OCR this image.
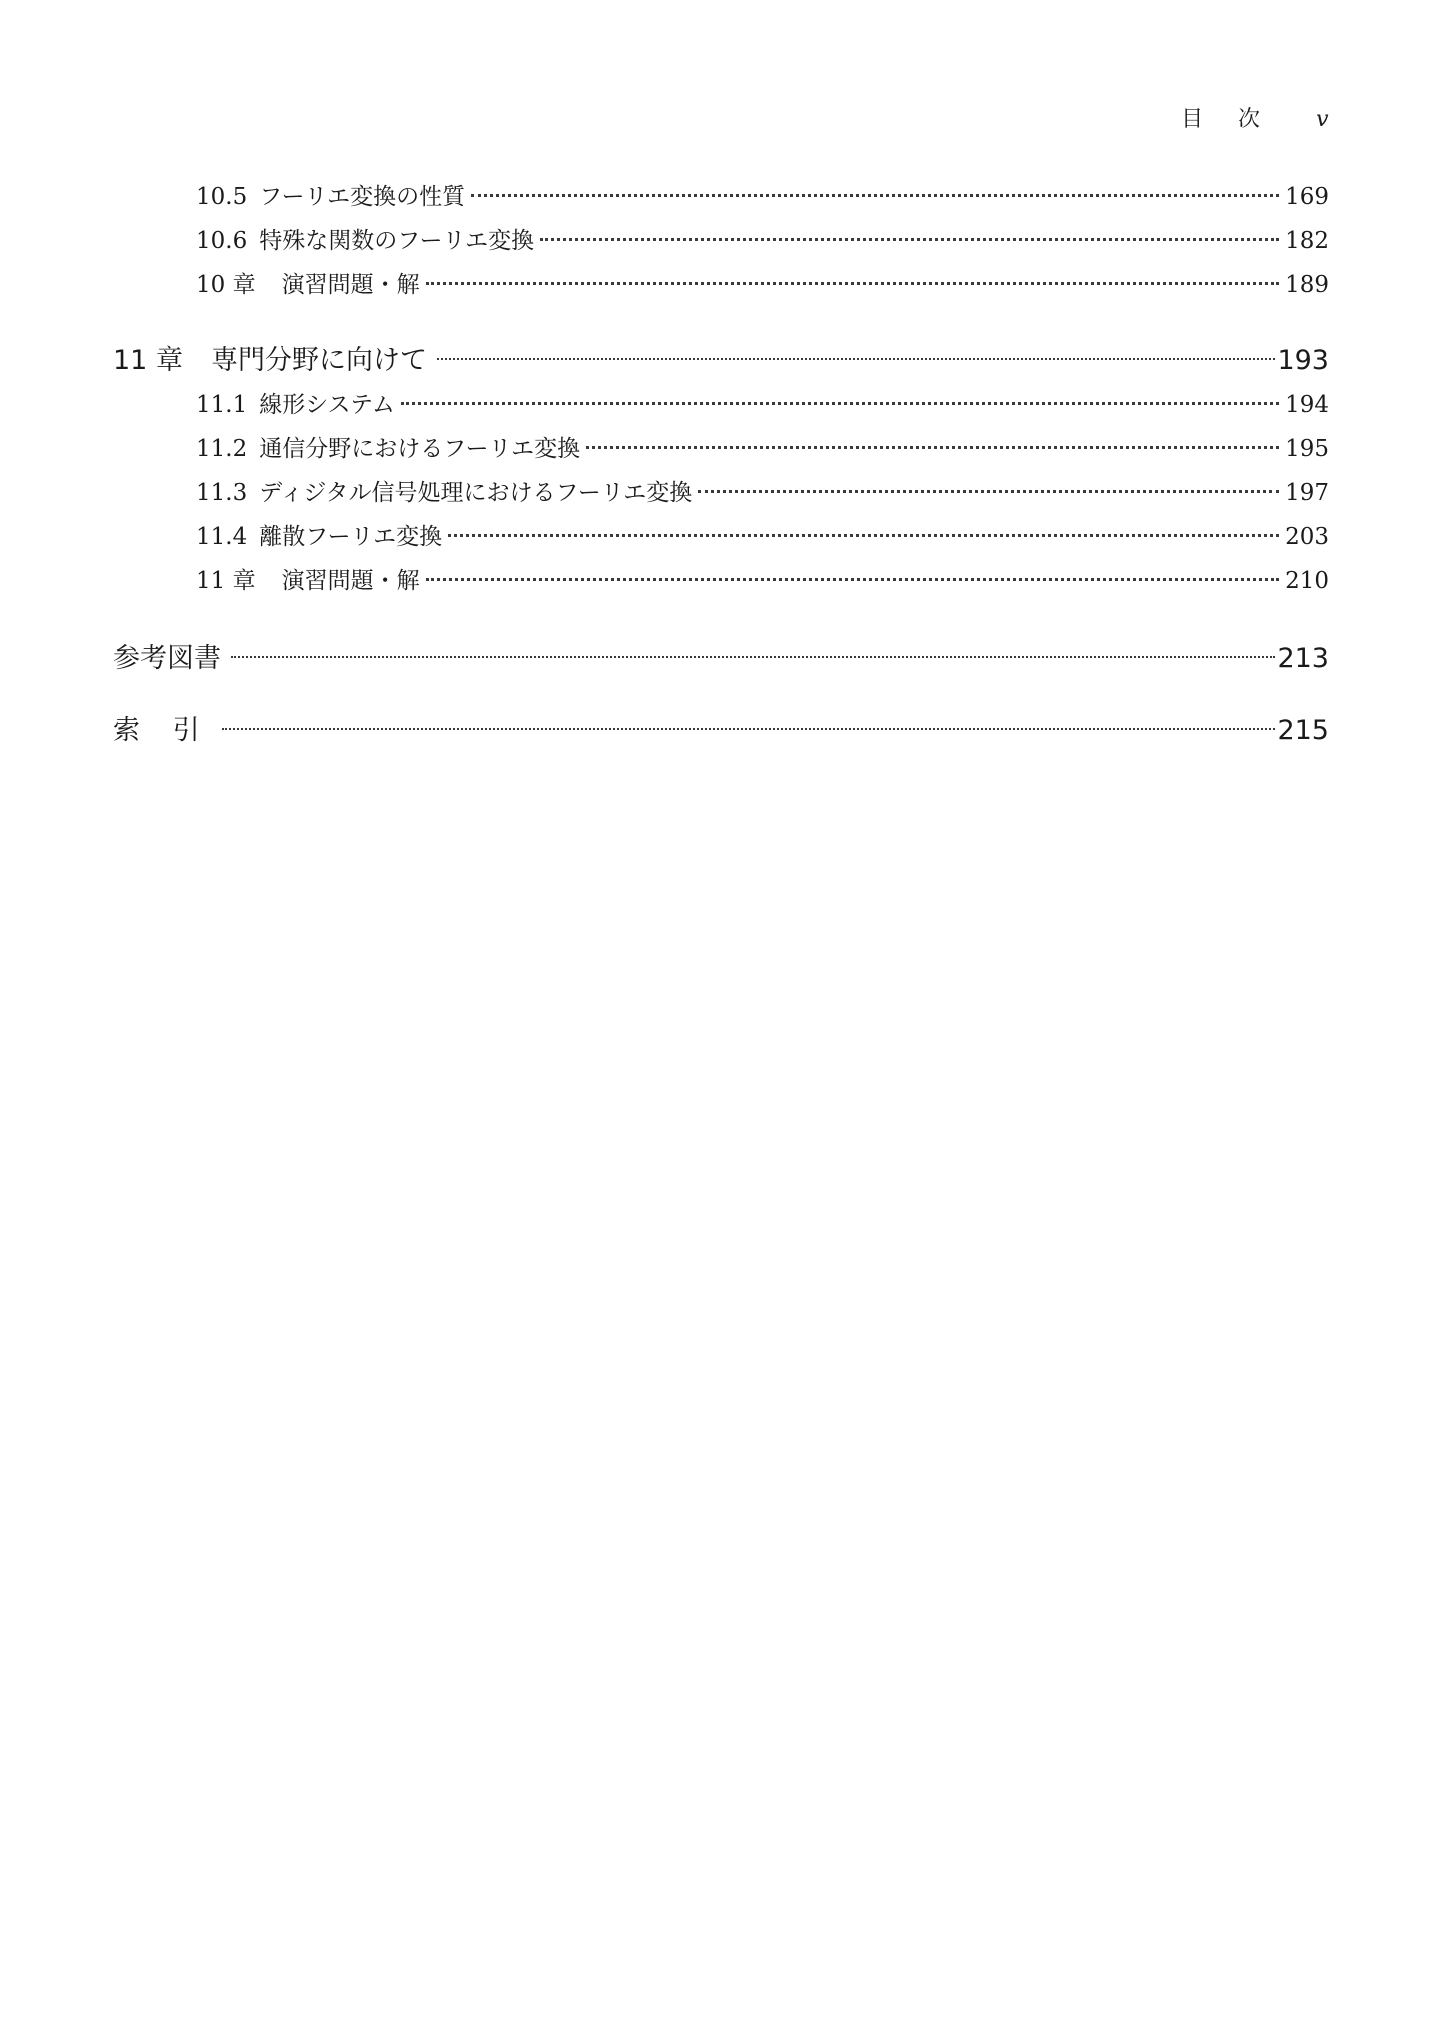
目 次 v
10.5 フーリエ変換の性質	169
10.6 特殊な関数のフーリエ変換	182
10 章 演習問題・解	189
11 章 専門分野に向けて	193
11.1 線形システム	194
11.2 通信分野におけるフーリエ変換	195
11.3 ディジタル信号処理におけるフーリエ変換	197
11.4 離散フーリエ変換	203
11 章 演習問題・解	210
参考図書	213
索 引	215
